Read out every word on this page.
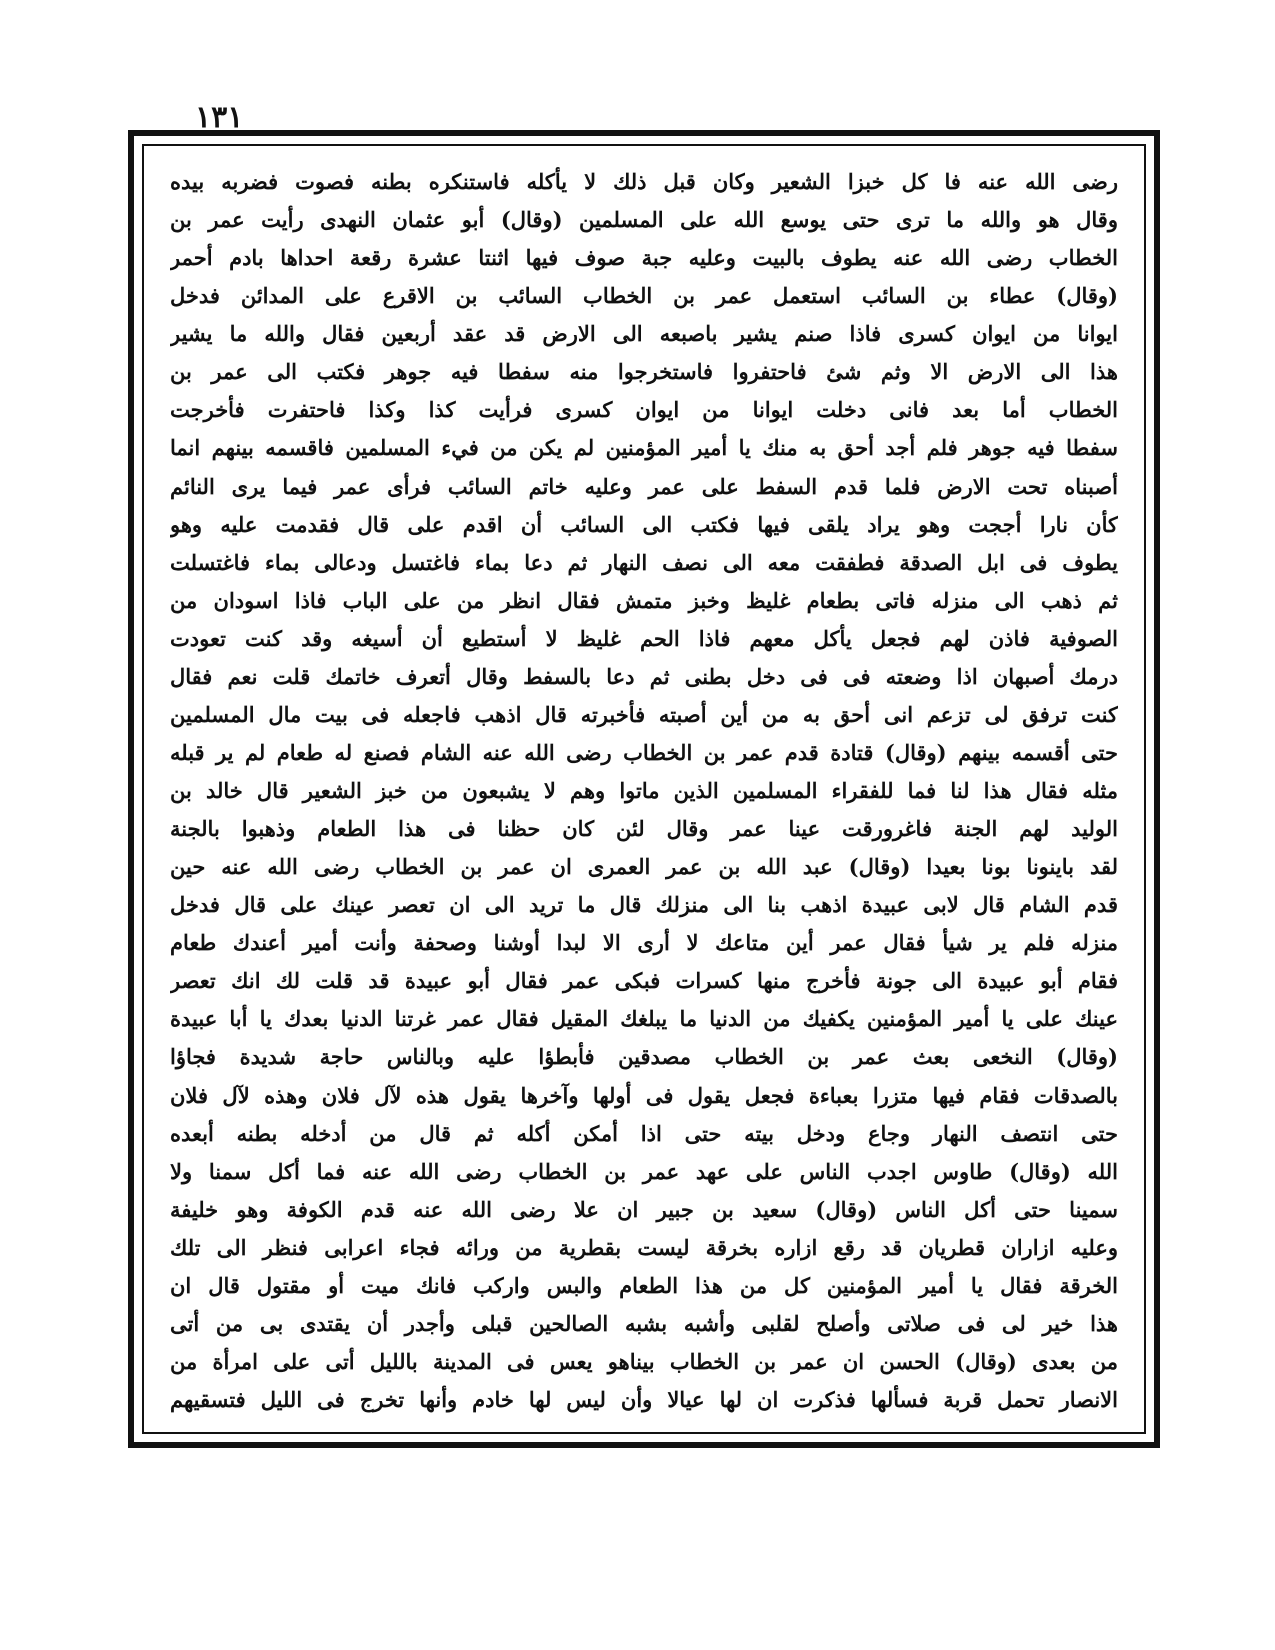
١٣١
رضى الله عنه فا كل خبزا الشعير وكان قبل ذلك لا يأكله فاستنكره بطنه فصوت فضربه بيده
وقال هو والله ما ترى حتى يوسع الله على المسلمين (وقال) أبو عثمان النهدى رأيت عمر بن
الخطاب رضى الله عنه يطوف بالبيت وعليه جبة صوف فيها اثنتا عشرة رقعة احداها بادم أحمر
(وقال) عطاء بن السائب استعمل عمر بن الخطاب السائب بن الاقرع على المدائن فدخل
ايوانا من ايوان كسرى فاذا صنم يشير باصبعه الى الارض قد عقد أربعين فقال والله ما يشير
هذا الى الارض الا وثم شئ فاحتفروا فاستخرجوا منه سفطا فيه جوهر فكتب الى عمر بن
الخطاب أما بعد فانى دخلت ايوانا من ايوان كسرى فرأيت كذا وكذا فاحتفرت فأخرجت
سفطا فيه جوهر فلم أجد أحق به منك يا أمير المؤمنين لم يكن من فيء المسلمين فاقسمه بينهم انما
أصبناه تحت الارض فلما قدم السفط على عمر وعليه خاتم السائب فرأى عمر فيما يرى النائم
كأن نارا أججت وهو يراد يلقى فيها فكتب الى السائب أن اقدم على قال فقدمت عليه وهو
يطوف فى ابل الصدقة فطفقت معه الى نصف النهار ثم دعا بماء فاغتسل ودعالى بماء فاغتسلت
ثم ذهب الى منزله فاتى بطعام غليظ وخبز متمش فقال انظر من على الباب فاذا اسودان من
الصوفية فاذن لهم فجعل يأكل معهم فاذا الحم غليظ لا أستطيع أن أسيغه وقد كنت تعودت
درمك أصبهان اذا وضعته فى فى دخل بطنى ثم دعا بالسفط وقال أتعرف خاتمك قلت نعم فقال
كنت ترفق لى تزعم انى أحق به من أين أصبته فأخبرته قال اذهب فاجعله فى بيت مال المسلمين
حتى أقسمه بينهم (وقال) قتادة قدم عمر بن الخطاب رضى الله عنه الشام فصنع له طعام لم ير قبله
مثله فقال هذا لنا فما للفقراء المسلمين الذين ماتوا وهم لا يشبعون من خبز الشعير قال خالد بن
الوليد لهم الجنة فاغرورقت عينا عمر وقال لئن كان حظنا فى هذا الطعام وذهبوا بالجنة
لقد باينونا بونا بعيدا (وقال) عبد الله بن عمر العمرى ان عمر بن الخطاب رضى الله عنه حين
قدم الشام قال لابى عبيدة اذهب بنا الى منزلك قال ما تريد الى ان تعصر عينك على قال فدخل
منزله فلم ير شيأ فقال عمر أين متاعك لا أرى الا لبدا أوشنا وصحفة وأنت أمير أعندك طعام
فقام أبو عبيدة الى جونة فأخرج منها كسرات فبكى عمر فقال أبو عبيدة قد قلت لك انك تعصر
عينك على يا أمير المؤمنين يكفيك من الدنيا ما يبلغك المقيل فقال عمر غرتنا الدنيا بعدك يا أبا عبيدة
(وقال) النخعى بعث عمر بن الخطاب مصدقين فأبطؤا عليه وبالناس حاجة شديدة فجاؤا
بالصدقات فقام فيها متزرا بعباءة فجعل يقول فى أولها وآخرها يقول هذه لآل فلان وهذه لآل فلان
حتى انتصف النهار وجاع ودخل بيته حتى اذا أمكن أكله ثم قال من أدخله بطنه أبعده
الله (وقال) طاوس اجدب الناس على عهد عمر بن الخطاب رضى الله عنه فما أكل سمنا ولا
سمينا حتى أكل الناس (وقال) سعيد بن جبير ان علا رضى الله عنه قدم الكوفة وهو خليفة
وعليه ازاران قطريان قد رقع ازاره بخرقة ليست بقطرية من ورائه فجاء اعرابى فنظر الى تلك
الخرقة فقال يا أمير المؤمنين كل من هذا الطعام والبس واركب فانك ميت أو مقتول قال ان
هذا خير لى فى صلاتى وأصلح لقلبى وأشبه بشبه الصالحين قبلى وأجدر أن يقتدى بى من أتى
من بعدى (وقال) الحسن ان عمر بن الخطاب بيناهو يعس فى المدينة بالليل أتى على امرأة من
الانصار تحمل قربة فسألها فذكرت ان لها عيالا وأن ليس لها خادم وأنها تخرج فى الليل فتسقيهم
